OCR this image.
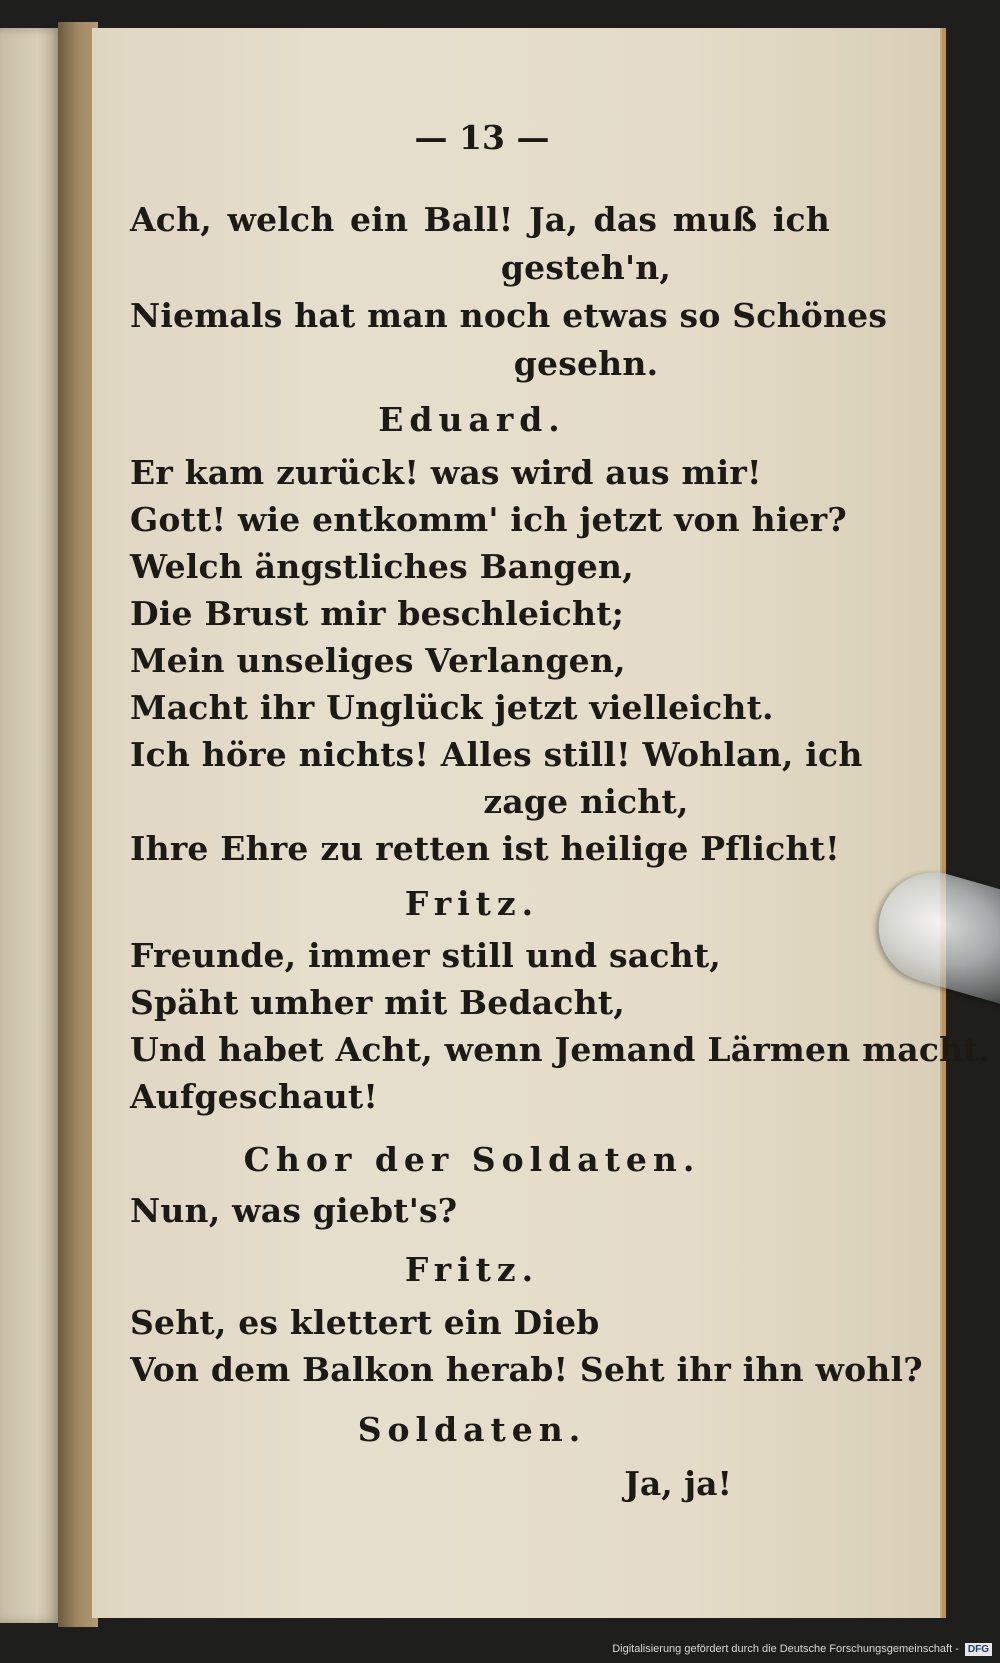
— 13 —
Ach, welch ein Ball! Ja, das muß ich
gesteh'n,
Niemals hat man noch etwas so Schönes
gesehn.
Eduard.
Er kam zurück! was wird aus mir!
Gott! wie entkomm' ich jetzt von hier?
Welch ängstliches Bangen,
Die Brust mir beschleicht;
Mein unseliges Verlangen,
Macht ihr Unglück jetzt vielleicht.
Ich höre nichts! Alles still! Wohlan, ich
zage nicht,
Ihre Ehre zu retten ist heilige Pflicht!
Fritz.
Freunde, immer still und sacht,
Späht umher mit Bedacht,
Und habet Acht, wenn Jemand Lärmen macht.
Aufgeschaut!
Chor der Soldaten.
Nun, was giebt's?
Fritz.
Seht, es klettert ein Dieb
Von dem Balkon herab! Seht ihr ihn wohl?
Soldaten.
Ja, ja!
Digitalisierung gefördert durch die Deutsche Forschungsgemeinschaft - DFG
